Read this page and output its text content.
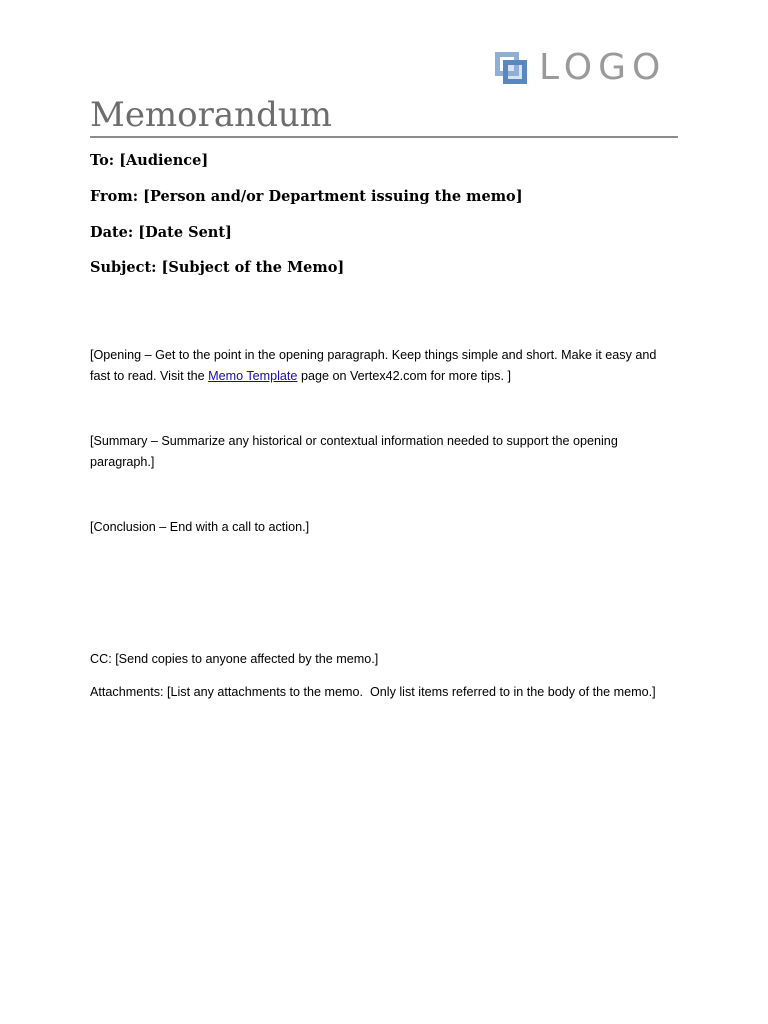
LOGO
Memorandum
To: [Audience]
From: [Person and/or Department issuing the memo]
Date: [Date Sent]
Subject: [Subject of the Memo]
[Opening – Get to the point in the opening paragraph. Keep things simple and short. Make it easy and fast to read. Visit the Memo Template page on Vertex42.com for more tips. ]
[Summary – Summarize any historical or contextual information needed to support the opening paragraph.]
[Conclusion – End with a call to action.]
CC: [Send copies to anyone affected by the memo.]
Attachments: [List any attachments to the memo.  Only list items referred to in the body of the memo.]
